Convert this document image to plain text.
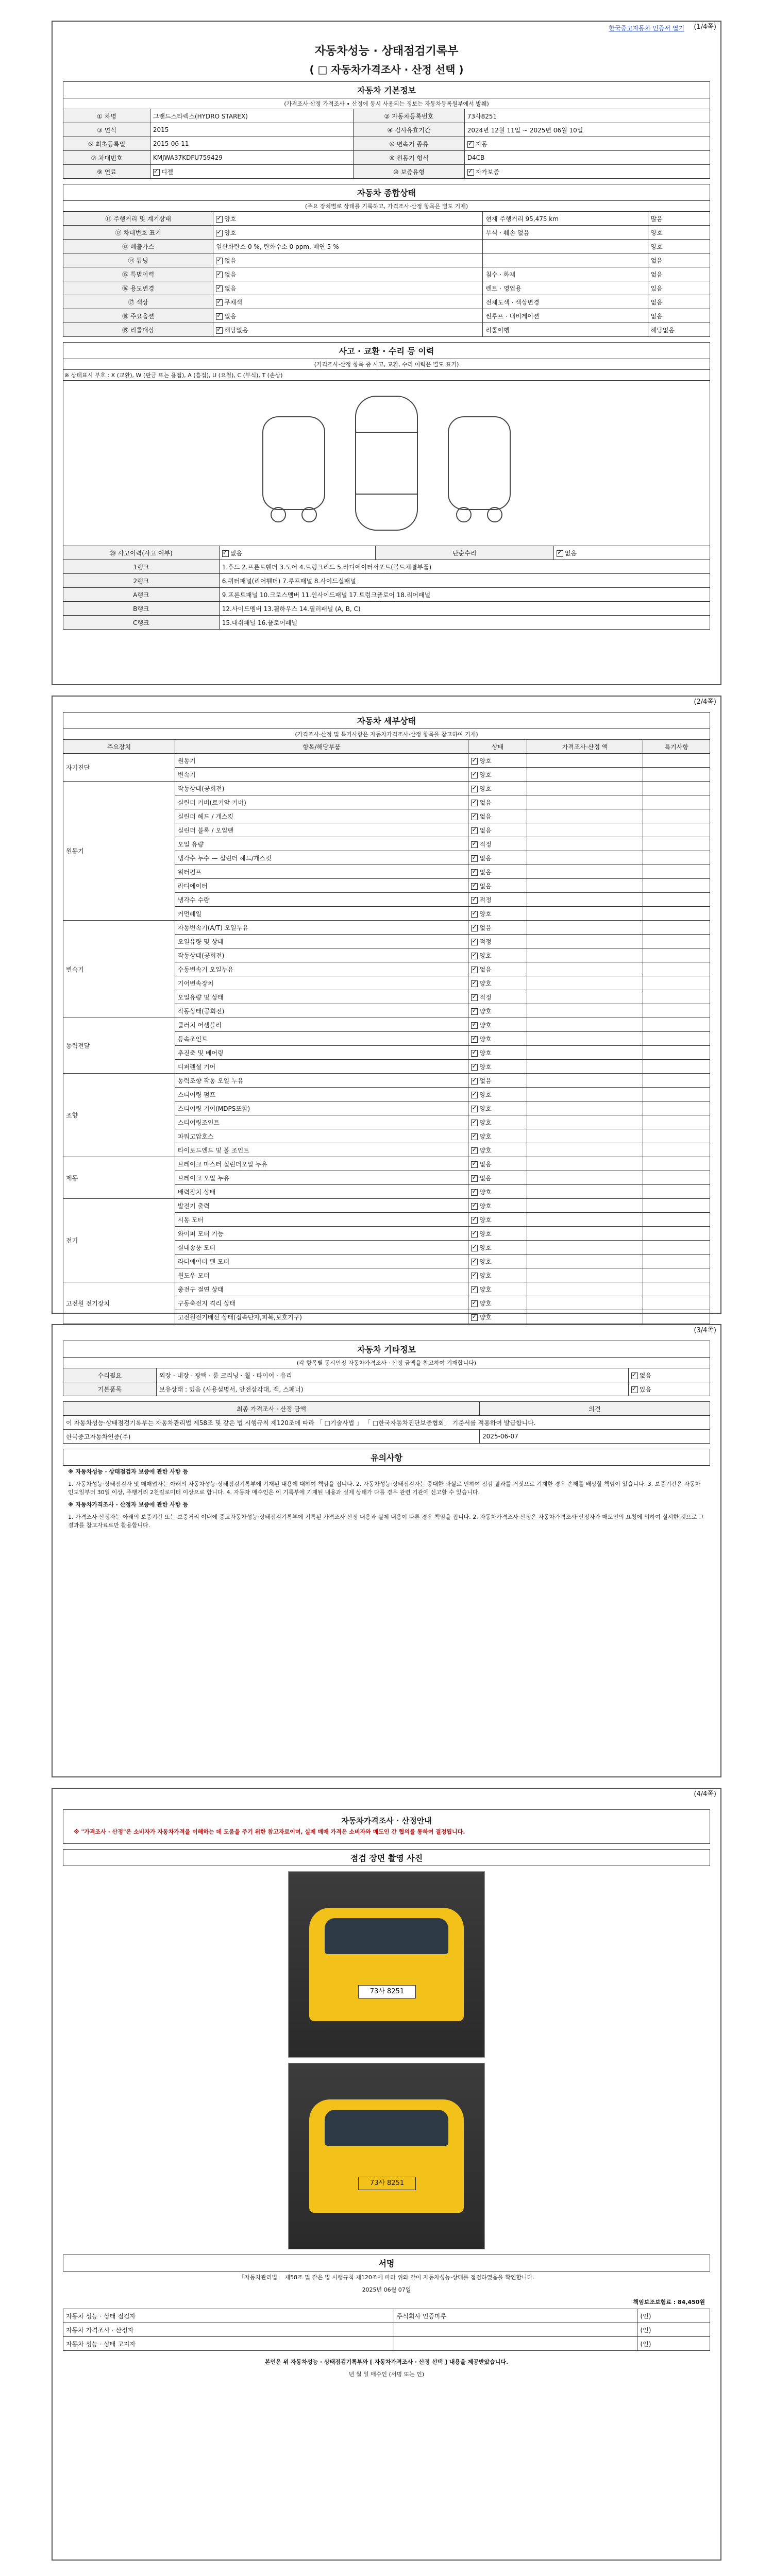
(1/4쪽)
한국중고자동차 인증서 열기
자동차성능 · 상태점검기록부
( □ 자동차가격조사 · 산정 선택 )
자동차 기본정보
(가격조사·산정 가격조사 ∙ 산정에 동시 사용되는 정보는 자동차등록원부에서 발췌)
① 차명	그랜드스타렉스(HYDRO STAREX)	② 자동차등록번호	73사8251
③ 연식	2015	④ 검사유효기간	2024년 12월 11일 ~ 2025년 06월 10일
⑤ 최초등록일	2015-06-11	⑥ 변속기 종류	✓자동
⑦ 차대번호	KMJWA37KDFU759429	⑧ 원동기 형식	D4CB
⑨ 연료	✓디젤	⑩ 보증유형	✓자가보증
자동차 종합상태
(주요 장치별로 상태를 기록하고, 가격조사·산정 항목은 별도 기재)
⑪ 주행거리 및 계기상태	✓양호	현재 주행거리 95,475 km	많음
⑫ 차대번호 표기	✓양호	부식 · 훼손 없음	양호
⑬ 배출가스	일산화탄소 0 %, 탄화수소 0 ppm, 매연 5 %		양호
⑭ 튜닝	✓없음		없음
⑮ 특별이력	✓없음	침수 · 화재	없음
⑯ 용도변경	✓없음	렌트 · 영업용	있음
⑰ 색상	✓무채색	전체도색 · 색상변경	없음
⑱ 주요옵션	✓없음	썬루프 · 내비게이션	없음
⑲ 리콜대상	✓해당없음	리콜이행	해당없음
사고 · 교환 · 수리 등 이력
(가격조사·산정 항목 중 사고, 교환, 수리 이력은 별도 표기)
※ 상태표시 부호 : X (교환), W (판금 또는 용접), A (흠집), U (요철), C (부식), T (손상)
⑳ 사고이력(사고 여부)	✓없음	단순수리	✓없음
1랭크	1.후드 2.프론트휀더 3.도어 4.트렁크리드 5.라디에이터서포트(볼트체결부품)		
2랭크	6.쿼터패널(리어휀더) 7.루프패널 8.사이드실패널		
A랭크	9.프론트패널 10.크로스멤버 11.인사이드패널 17.트렁크플로어 18.리어패널		
B랭크	12.사이드멤버 13.휠하우스 14.필러패널 (A, B, C)		
C랭크	15.대쉬패널 16.플로어패널		
(2/4쪽)
자동차 세부상태
(가격조사·산정 및 특기사항은 자동차가격조사·산정 항목을 참고하여 기재)
주요장치	항목/해당부품	상태	가격조사·산정 액	특기사항
자기진단	원동기	✓양호		
	변속기	✓양호		
원동기	작동상태(공회전)	✓양호		
	실린더 커버(로커암 커버)	✓없음		
	실린더 헤드 / 개스킷	✓없음		
	실린더 블록 / 오일팬	✓없음		
	오일 유량	✓적정		
	냉각수 누수 — 실린더 헤드/개스킷	✓없음		
	워터펌프	✓없음		
	라디에이터	✓없음		
	냉각수 수량	✓적정		
	커먼레일	✓양호		
변속기	자동변속기(A/T) 오일누유	✓없음		
	오일유량 및 상태	✓적정		
	작동상태(공회전)	✓양호		
	수동변속기 오일누유	✓없음		
	기어변속장치	✓양호		
	오일유량 및 상태	✓적정		
	작동상태(공회전)	✓양호		
동력전달	클러치 어셈블리	✓양호		
	등속조인트	✓양호		
	추진축 및 베어링	✓양호		
	디퍼렌셜 기어	✓양호		
조향	동력조향 작동 오일 누유	✓없음		
	스티어링 펌프	✓양호		
	스티어링 기어(MDPS포함)	✓양호		
	스티어링조인트	✓양호		
	파워고압호스	✓양호		
	타이로드엔드 및 볼 조인트	✓양호		
제동	브레이크 마스터 실린더오일 누유	✓없음		
	브레이크 오일 누유	✓없음		
	배력장치 상태	✓양호		
전기	발전기 출력	✓양호		
	시동 모터	✓양호		
	와이퍼 모터 기능	✓양호		
	실내송풍 모터	✓양호		
	라디에이터 팬 모터	✓양호		
	윈도우 모터	✓양호		
고전원 전기장치	충전구 절연 상태	✓양호		
	구동축전지 격리 상태	✓양호		
	고전원전기배선 상태(접속단자,피복,보호기구)	✓양호		
		✓		
(3/4쪽)
자동차 기타정보
(각 항목별 동시인정 자동차가격조사 · 산정 금액을 참고하여 기재합니다)
수리필요	외장 · 내장 · 광택 · 룸 크리닝 · 휠 · 타이어 · 유리	✓없음
기본품목	보유상태 : 있음 (사용설명서, 안전삼각대, 잭, 스패너)	✓있음
최종 가격조사 · 산정 금액	의견
이 자동차성능·상태점검기록부는 자동차관리법 제58조 및 같은 법 시행규칙 제120조에 따라 「 □기술사법 」 「 □한국자동차진단보증협회」 기준서를 적용하여 발급합니다.	
한국중고자동차인증(주)	2025-06-07
유의사항
※ 자동차성능 · 상태점검자 보증에 관한 사항 등
1. 자동차성능·상태점검자 및 매매업자는 아래의 자동차성능·상태점검기록부에 기재된 내용에 대하여 책임을 집니다. 2. 자동차성능·상태점검자는 중대한 과실로 인하여 점검 결과를 거짓으로 기재한 경우 손해를 배상할 책임이 있습니다. 3. 보증기간은 자동차 인도일부터 30일 이상, 주행거리 2천킬로미터 이상으로 합니다. 4. 자동차 매수인은 이 기록부에 기재된 내용과 실제 상태가 다를 경우 관련 기관에 신고할 수 있습니다.
※ 자동차가격조사 · 산정자 보증에 관한 사항 등
1. 가격조사·산정자는 아래의 보증기간 또는 보증거리 이내에 중고자동차성능·상태점검기록부에 기록된 가격조사·산정 내용과 실제 내용이 다른 경우 책임을 집니다. 2. 자동차가격조사·산정은 자동차가격조사·산정자가 매도인의 요청에 의하여 실시한 것으로 그 결과를 참고자료로만 활용합니다.
(4/4쪽)
자동차가격조사 · 산정안내
※ "가격조사 · 산정"은 소비자가 자동차가격을 이해하는 데 도움을 주기 위한 참고자료이며, 실제 매매 가격은 소비자와 매도인 간 협의를 통하여 결정됩니다.
점검 장면 촬영 사진
73사 8251
73사 8251
서명
「자동차관리법」 제58조 및 같은 법 시행규칙 제120조에 따라 위와 같이 자동차성능·상태를 점검하였음을 확인합니다.
2025년 06월 07일
책임보조보험료 : 84,450원
자동차 성능 · 상태 점검자	주식회사 인증마루	(인)
자동차 가격조사 · 산정자		(인)
자동차 성능 · 상태 고지자		(인)
본인은 위 자동차성능 · 상태점검기록부와 [ 자동차가격조사 · 산정 선택 ] 내용을 제공받았습니다.
년 월 일 매수인 (서명 또는 인)
